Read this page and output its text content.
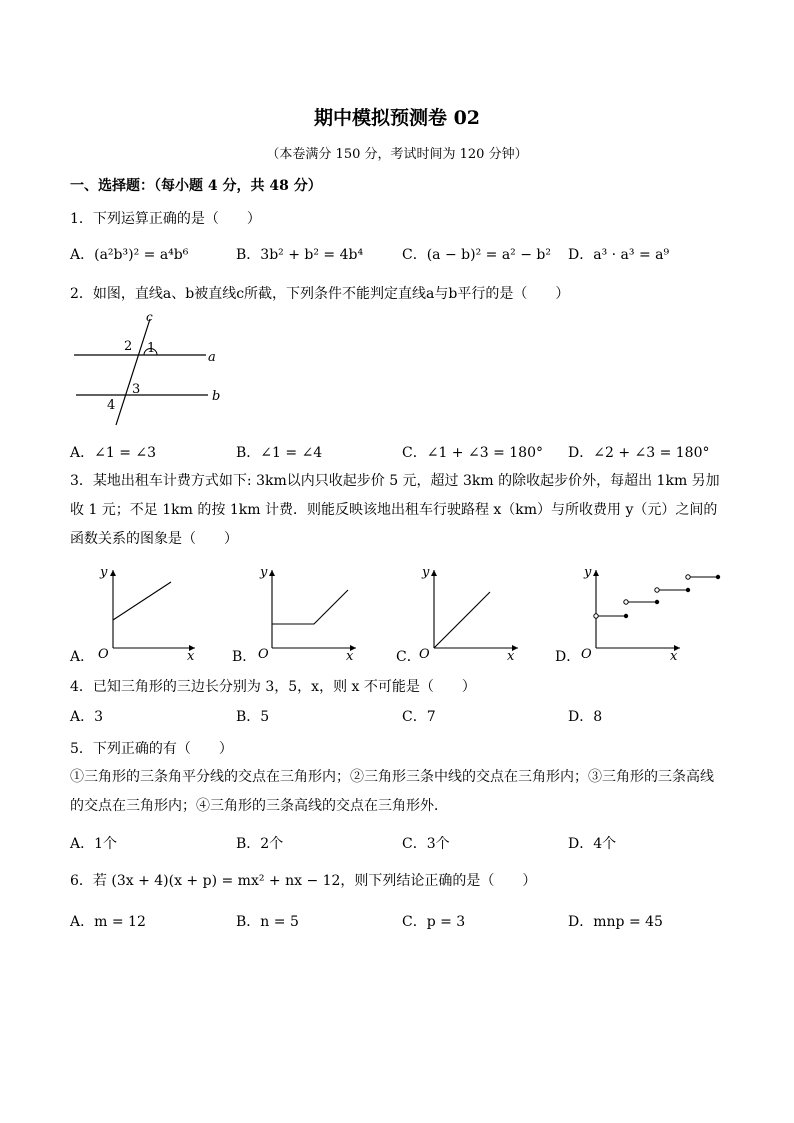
期中模拟预测卷 02
（本卷满分 150 分，考试时间为 120 分钟）
一、选择题：（每小题 4 分，共 48 分）
1．下列运算正确的是（　　）
A．(a²b³)² = a⁴b⁶	B．3b² + b² = 4b⁴	C．(a − b)² = a² − b² D．a³ · a³ = a⁹
2．如图，直线a、b被直线c所截，下列条件不能判定直线a与b平行的是（　　）
c
a
b
1
2
3
4
A．∠1 = ∠3	B．∠1 = ∠4	C．∠1 + ∠3 = 180° D．∠2 + ∠3 = 180°
3．某地出租车计费方式如下: 3km以内只收起步价 5 元，超过 3km 的除收起步价外，每超出 1km 另加收 1 元；不足 1km 的按 1km 计费．则能反映该地出租车行驶路程 x（km）与所收费用 y（元）之间的函数关系的图象是（　　）
A．
y
x
O	B．
y
x
O	C．
y
x
O	D．
y
x
O
4．已知三角形的三边长分别为 3，5，x，则 x 不可能是（　　）
A．3	B．5	C．7	D．8
5．下列正确的有（　　）
①三角形的三条角平分线的交点在三角形内；②三角形三条中线的交点在三角形内；③三角形的三条高线的交点在三角形内；④三角形的三条高线的交点在三角形外．
A．1个	B．2个	C．3个	D．4个
6．若 (3x + 4)(x + p) = mx² + nx − 12，则下列结论正确的是（　　）
A．m = 12	B．n = 5	C．p = 3	D．mnp = 45
